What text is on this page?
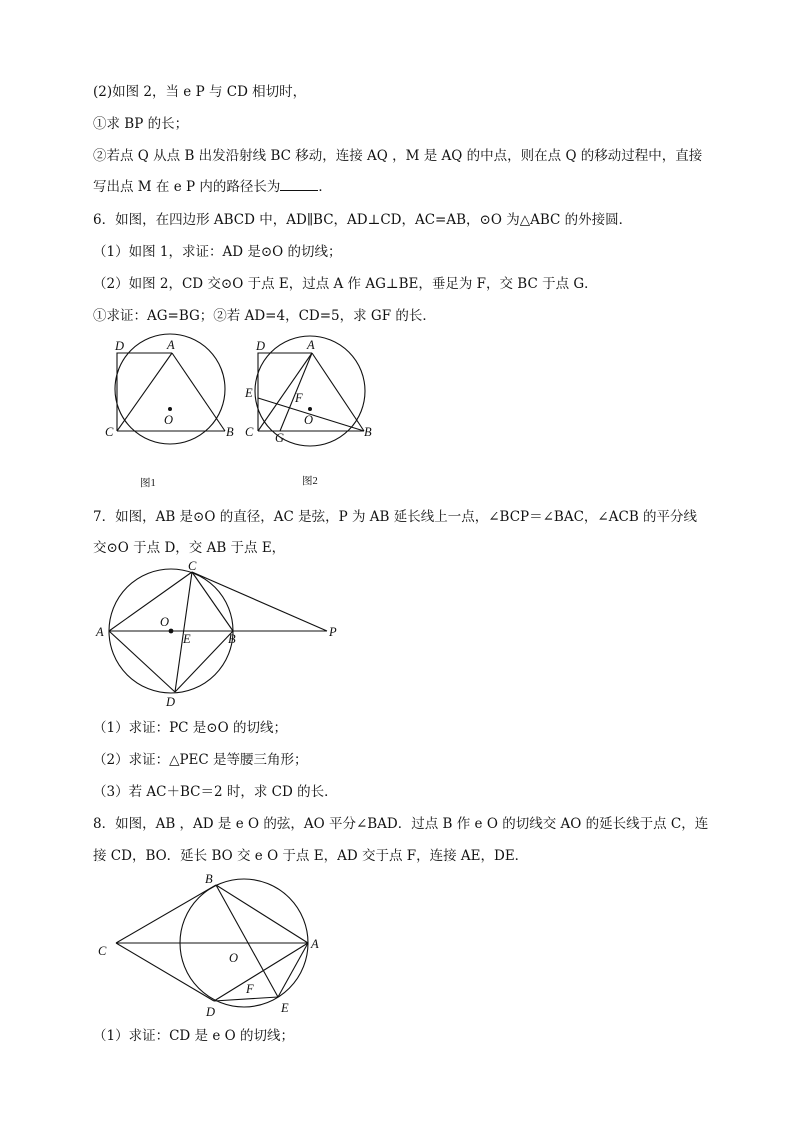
(2)如图 2，当 e P 与 CD 相切时，
①求 BP 的长；
②若点 Q 从点 B 出发沿射线 BC 移动，连接 AQ ，M 是 AQ 的中点，则在点 Q 的移动过程中，直接
写出点 M 在 e P 内的路径长为	．
6．如图，在四边形 ABCD 中，AD∥BC，AD⊥CD，AC=AB，⊙O 为△ABC 的外接圆．
（1）如图 1，求证：AD 是⊙O 的切线；
（2）如图 2，CD 交⊙O 于点 E，过点 A 作 AG⊥BE，垂足为 F，交 BC 于点 G．
①求证：AG=BG；②若 AD=4，CD=5，求 GF 的长．
D	A
O
C	B
图1
D	A
E	F
O
C G	B
图2
7．如图，AB 是⊙O 的直径，AC 是弦，P 为 AB 延长线上一点，∠BCP＝∠BAC，∠ACB 的平分线
交⊙O 于点 D，交 AB 于点 E，
C
A
O
E	B	P
D
（1）求证：PC 是⊙O 的切线；
（2）求证：△PEC 是等腰三角形；
（3）若 AC＋BC＝2 时，求 CD 的长．
8．如图，AB ，AD 是 e O 的弦，AO 平分∠BAD．过点 B 作 e O 的切线交 AO 的延长线于点 C，连
接 CD，BO．延长 BO 交 e O 于点 E，AD 交于点 F，连接 AE，DE．
B
C	O
A
F
D	E
（1）求证：CD 是 e O 的切线；
